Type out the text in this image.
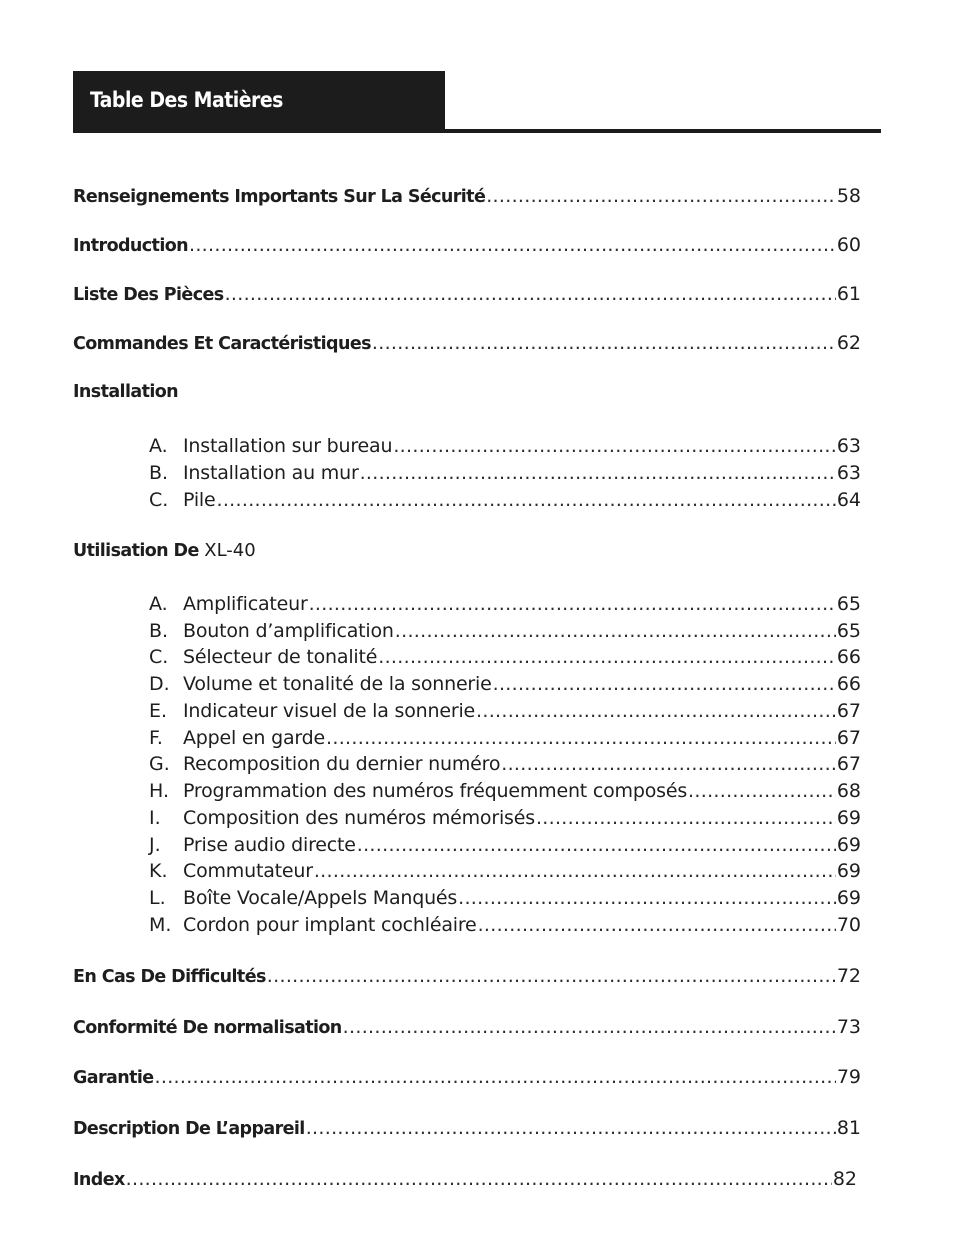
Table Des Matières
Renseignements Importants Sur La Sécurité .....	58
Introduction .....	60
Liste Des Pièces .....	61
Commandes Et Caractéristiques .....	62
Installation
A. Installation sur bureau .....	63
B. Installation au mur .....	63
C. Pile .....	64
Utilisation De XL-40
A. Amplificateur .....	65
B. Bouton d’amplification .....	65
C. Sélecteur de tonalité .....	66
D. Volume et tonalité de la sonnerie .....	66
E. Indicateur visuel de la sonnerie .....	67
F.	Appel en garde .....	67
G. Recomposition du dernier numéro .....	67
H. Programmation des numéros fréquemment composés .....	68
I.	Composition des numéros mémorisés .....	69
J.	Prise audio directe .....	69
K. Commutateur .....	69
L. Boîte Vocale/Appels Manqués .....	69
M. Cordon pour implant cochléaire .....	70
En Cas De Difficultés .....	72
Conformité De normalisation .....	73
Garantie .....	79
Description De L’appareil .....	81
Index .....	82
